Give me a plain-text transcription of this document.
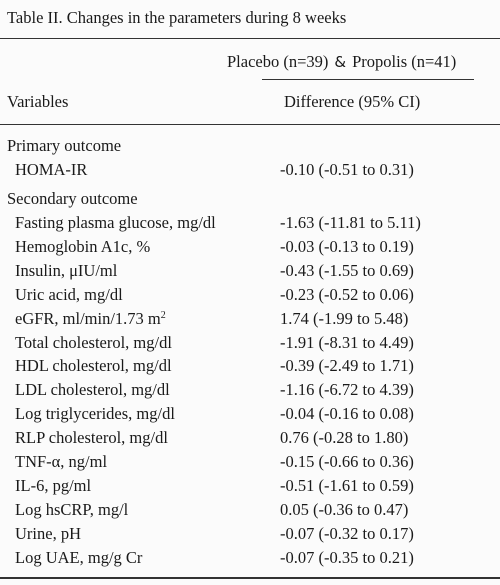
Table II. Changes in the parameters during 8 weeks
Placebo (n=39) & Propolis (n=41)
Variables	Difference (95% CI)
Primary outcome
HOMA-IR	-0.10 (-0.51 to 0.31)
Secondary outcome
Fasting plasma glucose, mg/dl	-1.63 (-11.81 to 5.11)
Hemoglobin A1c, %	-0.03 (-0.13 to 0.19)
Insulin, μIU/ml	-0.43 (-1.55 to 0.69)
Uric acid, mg/dl	-0.23 (-0.52 to 0.06)
eGFR, ml/min/1.73 $m^2$	1.74 (-1.99 to 5.48)
Total cholesterol, mg/dl	-1.91 (-8.31 to 4.49)
HDL cholesterol, mg/dl	-0.39 (-2.49 to 1.71)
LDL cholesterol, mg/dl	-1.16 (-6.72 to 4.39)
Log triglycerides, mg/dl	-0.04 (-0.16 to 0.08)
RLP cholesterol, mg/dl	0.76 (-0.28 to 1.80)
TNF-α, ng/ml	-0.15 (-0.66 to 0.36)
IL-6, pg/ml	-0.51 (-1.61 to 0.59)
Log hsCRP, mg/l	0.05 (-0.36 to 0.47)
Urine, pH	-0.07 (-0.32 to 0.17)
Log UAE, mg/g Cr	-0.07 (-0.35 to 0.21)
